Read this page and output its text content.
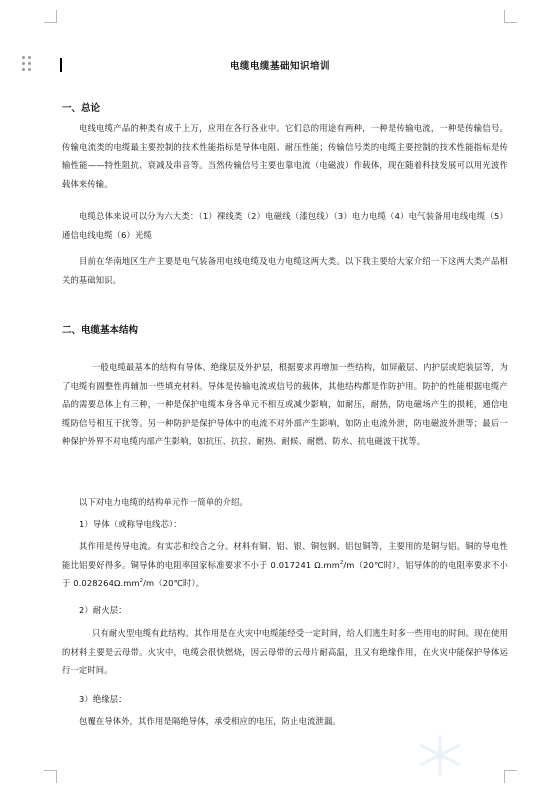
电缆电缆基础知识培训
一、总论
电线电缆产品的种类有成千上万，应用在各行各业中。它们总的用途有两种，一种是传输电流，一种是传输信号。传输电流类的电缆最主要控制的技术性能指标是导体电阻、耐压性能；传输信号类的电缆主要控制的技术性能指标是传输性能——特性阻抗、衰减及串音等。当然传输信号主要也靠电流（电磁波）作载体，现在随着科技发展可以用光波作载体来传输。
电缆总体来说可以分为六大类：（1）裸线类（2）电磁线（漆包线）（3）电力电缆（4）电气装备用电线电缆（5）通信电线电缆（6）光缆
目前在华南地区生产主要是电气装备用电线电缆及电力电缆这两大类。以下我主要给大家介绍一下这两大类产品相关的基础知识。
二、电缆基本结构
一般电缆最基本的结构有导体、绝缘层及外护层，根据要求再增加一些结构，如屏蔽层、内护层或铠装层等，为了电缆有圆整性再辅加一些填充材料。导体是传输电流或信号的载体，其他结构都是作防护用。防护的性能根据电缆产品的需要总体上有三种，一种是保护电缆本身各单元不相互或减少影响，如耐压，耐热，防电磁场产生的损耗，通信电缆防信号相互干扰等。另一种防护是保护导体中的电流不对外部产生影响，如防止电流外泄，防电磁波外泄等；最后一种保护外界不对电缆内部产生影响，如抗压、抗拉、耐热、耐候、耐燃、防水、抗电磁波干扰等。
以下对电力电缆的结构单元作一简单的介绍。
1）导体（或称导电线芯）：
其作用是传导电流。有实芯和绞合之分。材料有铜、铝、银、铜包钢、铝包铜等，主要用的是铜与铝。铜的导电性能比铝要好得多。铜导体的电阻率国家标准要求不小于 0.017241 $\Omega.mm^2/m(20℃$时），铝导体的的电阻率要求不小于 $0.028264\Omega.mm^2/m(20℃$时）。
2）耐火层：
只有耐火型电缆有此结构。其作用是在火灾中电缆能经受一定时间，给人们逃生时多一些用电的时间。现在使用的材料主要是云母带。火灾中，电缆会很快燃烧，因云母带的云母片耐高温，且又有绝缘作用，在火灾中能保护导体运行一定时间。
3）绝缘层：
包覆在导体外，其作用是隔绝导体，承受相应的电压，防止电流泄漏。
